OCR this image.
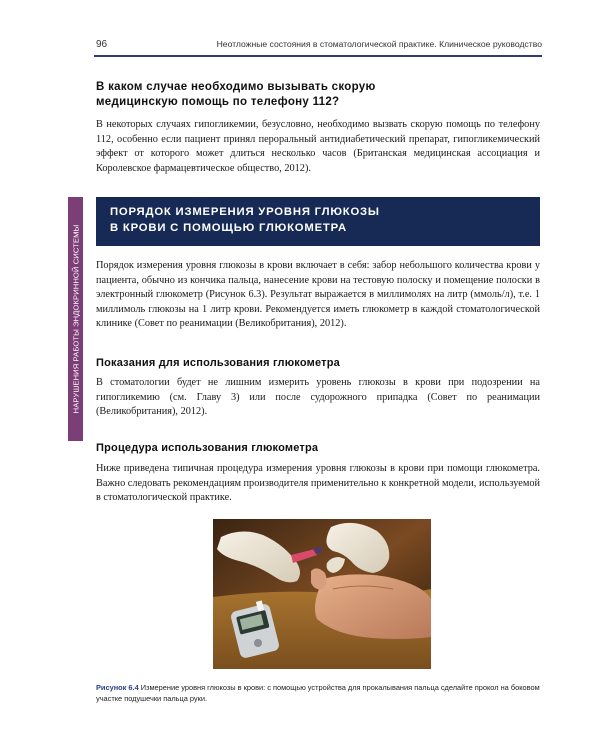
96	Неотложные состояния в стоматологической практике. Клиническое руководство
НАРУШЕНИЯ РАБОТЫ ЭНДОКРИННОЙ СИСТЕМЫ
В каком случае необходимо вызывать скорую
медицинскую помощь по телефону 112?
В некоторых случаях гипогликемии, безусловно, необходимо вызвать скорую помощь по телефону 112, особенно если пациент принял пероральный антидиабетический препарат, гипогликемический эффект от которого может длиться несколько часов (Британская медицинская ассоциация и Королевское фармацевтическое общество, 2012).
ПОРЯДОК ИЗМЕРЕНИЯ УРОВНЯ ГЛЮКОЗЫ
В КРОВИ С ПОМОЩЬЮ ГЛЮКОМЕТРА
Порядок измерения уровня глюкозы в крови включает в себя: забор небольшого количества крови у пациента, обычно из кончика пальца, нанесение крови на тестовую полоску и помещение полоски в электронный глюкометр (Рисунок 6.3). Результат выражается в миллимолях на литр (ммоль/л), т.е. 1 миллимоль глюкозы на 1 литр крови. Рекомендуется иметь глюкометр в каждой стоматологической клинике (Совет по реанимации (Великобритания), 2012).
Показания для использования глюкометра
В стоматологии будет не лишним измерить уровень глюкозы в крови при подозрении на гипогликемию (см. Главу 3) или после судорожного припадка (Совет по реанимации (Великобритания), 2012).
Процедура использования глюкометра
Ниже приведена типичная процедура измерения уровня глюкозы в крови при помощи глюкометра. Важно следовать рекомендациям производителя применительно к конкретной модели, используемой в стоматологической практике.
Рисунок 6.4 Измерение уровня глюкозы в крови: с помощью устройства для прокалывания пальца сделайте прокол на боковом участке подушечки пальца руки.
